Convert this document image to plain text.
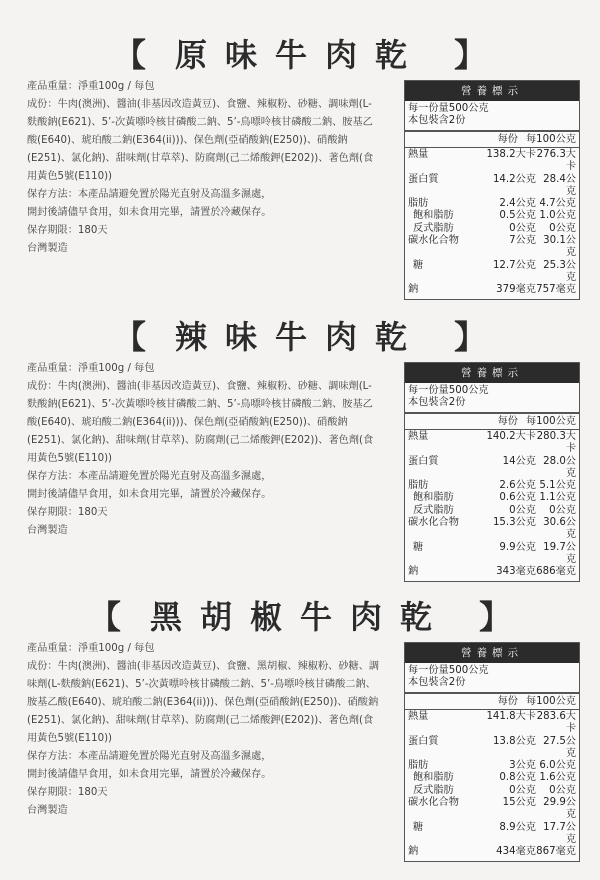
【 原味牛肉乾 】

產品重量：淨重100g / 每包

成份：牛肉(澳洲)、醬油(非基因改造黃豆)、食鹽、辣椒粉、砂糖、調味劑(L-麩酸鈉(E621)、5’-次黃嘌呤核甘磷酸二鈉、5’-鳥嘌呤核甘磷酸二鈉、胺基乙酸(E640)、琥珀酸二鈉(E364(ii)))、保色劑(亞硝酸鈉(E250))、硝酸鈉(E251)、氯化鈉)、甜味劑(甘草萃)、防腐劑(己二烯酸鉀(E202))、著色劑(食用黃色5號(E110))

保存方法：本產品請避免置於陽光直射及高溫多濕處，

開封後請儘早食用，如未食用完畢，請置於冷藏保存。

保存期限：180天

台灣製造

營養標示
每一份量500公克
本包裝含2份
每份 每100公克
熱量	138.2大卡 276.3大卡
蛋白質	14.2公克 28.4公克
脂肪	2.4公克 4.7公克
飽和脂肪	0.5公克 1.0公克
反式脂肪	0公克	0公克
碳水化合物	7公克 30.1公克
糖	12.7公克 25.3公克
鈉	379毫克 757毫克
【 辣味牛肉乾 】

產品重量：淨重100g / 每包

成份：牛肉(澳洲)、醬油(非基因改造黃豆)、食鹽、辣椒粉、砂糖、調味劑(L-麩酸鈉(E621)、5’-次黃嘌呤核甘磷酸二鈉、5’-鳥嘌呤核甘磷酸二鈉、胺基乙酸(E640)、琥珀酸二鈉(E364(ii)))、保色劑(亞硝酸鈉(E250))、硝酸鈉(E251)、氯化鈉)、甜味劑(甘草萃)、防腐劑(己二烯酸鉀(E202))、著色劑(食用黃色5號(E110))

保存方法：本產品請避免置於陽光直射及高溫多濕處，

開封後請儘早食用，如未食用完畢，請置於冷藏保存。

保存期限：180天

台灣製造

營養標示
每一份量500公克
本包裝含2份
每份 每100公克
熱量	140.2大卡 280.3大卡
蛋白質	14公克 28.0公克
脂肪	2.6公克 5.1公克
飽和脂肪	0.6公克 1.1公克
反式脂肪	0公克	0公克
碳水化合物	15.3公克 30.6公克
糖	9.9公克 19.7公克
鈉	343毫克 686毫克
【 黑胡椒牛肉乾 】

產品重量：淨重100g / 每包

成份：牛肉(澳洲)、醬油(非基因改造黃豆)、食鹽、黑胡椒、辣椒粉、砂糖、調味劑(L-麩酸鈉(E621)、5’-次黃嘌呤核甘磷酸二鈉、5’-鳥嘌呤核甘磷酸二鈉、胺基乙酸(E640)、琥珀酸二鈉(E364(ii)))、保色劑(亞硝酸鈉(E250))、硝酸鈉(E251)、氯化鈉)、甜味劑(甘草萃)、防腐劑(己二烯酸鉀(E202))、著色劑(食用黃色5號(E110))

保存方法：本產品請避免置於陽光直射及高溫多濕處，

開封後請儘早食用，如未食用完畢，請置於冷藏保存。

保存期限：180天

台灣製造

營養標示
每一份量500公克
本包裝含2份
每份 每100公克
熱量	141.8大卡 283.6大卡
蛋白質	13.8公克 27.5公克
脂肪	3公克 6.0公克
飽和脂肪	0.8公克 1.6公克
反式脂肪	0公克	0公克
碳水化合物	15公克 29.9公克
糖	8.9公克 17.7公克
鈉	434毫克 867毫克
